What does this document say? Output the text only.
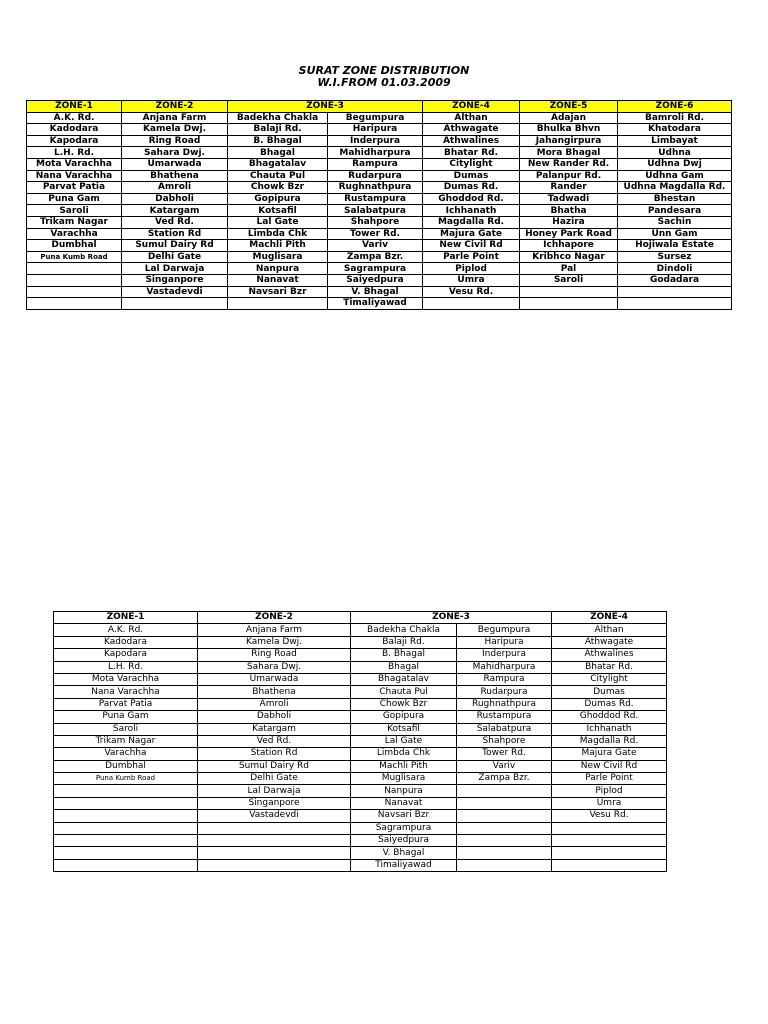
SURAT ZONE DISTRIBUTION
W.I.FROM 01.03.2009
ZONE-1	ZONE-2	ZONE-3		ZONE-4	ZONE-5	ZONE-6
A.K. Rd.	Anjana Farm	Badekha Chakla	Begumpura	Althan	Adajan	Bamroli Rd.
Kadodara	Kamela Dwj.	Balaji Rd.	Haripura	Athwagate	Bhulka Bhvn	Khatodara
Kapodara	Ring Road	B. Bhagal	Inderpura	Athwalines	Jahangirpura	Limbayat
L.H. Rd.	Sahara Dwj.	Bhagal	Mahidharpura	Bhatar Rd.	Mora Bhagal	Udhna
Mota Varachha	Umarwada	Bhagatalav	Rampura	Citylight	New Rander Rd.	Udhna Dwj
Nana Varachha	Bhathena	Chauta Pul	Rudarpura	Dumas	Palanpur Rd.	Udhna Gam
Parvat Patia	Amroli	Chowk Bzr	Rughnathpura	Dumas Rd.	Rander	Udhna Magdalla Rd.
Puna Gam	Dabholi	Gopipura	Rustampura	Ghoddod Rd.	Tadwadi	Bhestan
Saroli	Katargam	Kotsafil	Salabatpura	Ichhanath	Bhatha	Pandesara
Trikam Nagar	Ved Rd.	Lal Gate	Shahpore	Magdalla Rd.	Hazira	Sachin
Varachha	Station Rd	Limbda Chk	Tower Rd.	Majura Gate	Honey Park Road	Unn Gam
Dumbhal	Sumul Dairy Rd	Machli Pith	Variv	New Civil Rd	Ichhapore	Hojiwala Estate
Puna Kumb Road	Delhi Gate	Muglisara	Zampa Bzr.	Parle Point	Kribhco Nagar	Sursez
	Lal Darwaja	Nanpura	Sagrampura	Piplod	Pal	Dindoli
	Singanpore	Nanavat	Saiyedpura	Umra	Saroli	Godadara
	Vastadevdi	Navsari Bzr	V. Bhagal	Vesu Rd.		
			Timaliyawad			
ZONE-1	ZONE-2	ZONE-3		ZONE-4
A.K. Rd.	Anjana Farm	Badekha Chakla	Begumpura	Althan
Kadodara	Kamela Dwj.	Balaji Rd.	Haripura	Athwagate
Kapodara	Ring Road	B. Bhagal	Inderpura	Athwalines
L.H. Rd.	Sahara Dwj.	Bhagal	Mahidharpura	Bhatar Rd.
Mota Varachha	Umarwada	Bhagatalav	Rampura	Citylight
Nana Varachha	Bhathena	Chauta Pul	Rudarpura	Dumas
Parvat Patia	Amroli	Chowk Bzr	Rughnathpura	Dumas Rd.
Puna Gam	Dabholi	Gopipura	Rustampura	Ghoddod Rd.
Saroli	Katargam	Kotsafil	Salabatpura	Ichhanath
Trikam Nagar	Ved Rd.	Lal Gate	Shahpore	Magdalla Rd.
Varachha	Station Rd	Limbda Chk	Tower Rd.	Majura Gate
Dumbhal	Sumul Dairy Rd	Machli Pith	Variv	New Civil Rd
Puna Kumb Road	Delhi Gate	Muglisara	Zampa Bzr.	Parle Point
	Lal Darwaja	Nanpura		Piplod
	Singanpore	Nanavat		Umra
	Vastadevdi	Navsari Bzr		Vesu Rd.
		Sagrampura		
		Saiyedpura		
		V. Bhagal		
		Timaliyawad		
